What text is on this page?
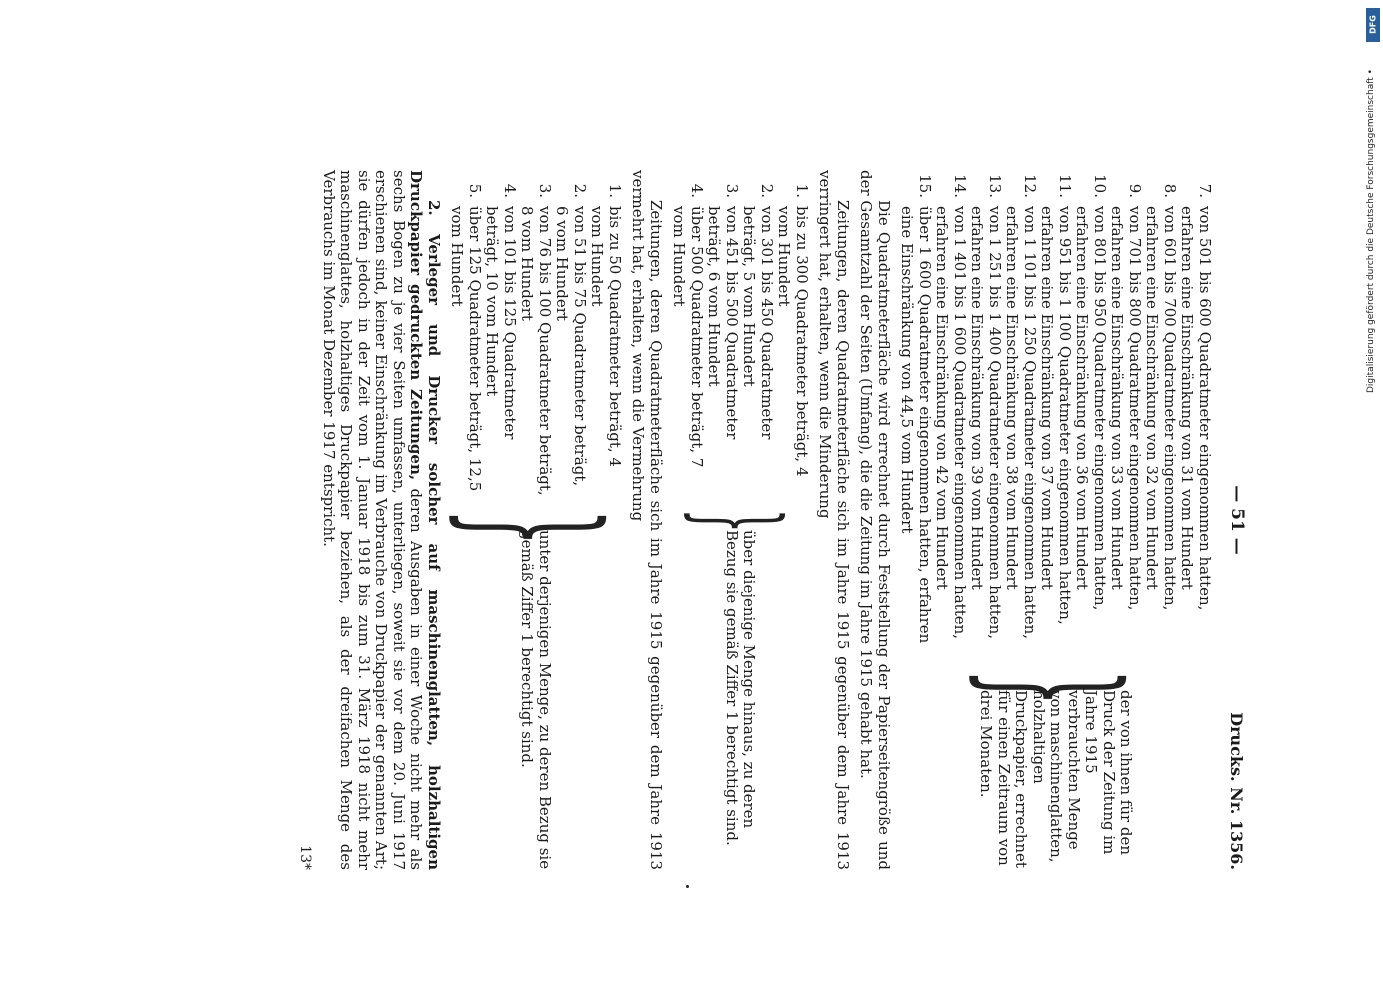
— 51 —
Drucks. Nr. 1356.
7.
von 501 bis 600 Quadratmeter eingenommen hatten, erfahren eine Einschränkung von 31 vom Hundert
8.
von 601 bis 700 Quadratmeter eingenommen hatten, erfahren eine Einschränkung von 32 vom Hundert
9.
von 701 bis 800 Quadratmeter eingenommen hatten, erfahren eine Einschränkung von 33 vom Hundert
10.
von 801 bis 950 Quadratmeter eingenommen hatten, erfahren eine Einschränkung von 36 vom Hundert
11.
von 951 bis 1 100 Quadratmeter eingenommen hatten, erfahren eine Einschränkung von 37 vom Hundert
12.
von 1 101 bis 1 250 Quadratmeter eingenommen hatten, erfahren eine Einschränkung von 38 vom Hundert
13.
von 1 251 bis 1 400 Quadratmeter eingenommen hatten, erfahren eine Einschränkung von 39 vom Hundert
14.
von 1 401 bis 1 600 Quadratmeter eingenommen hatten, erfahren eine Einschränkung von 42 vom Hundert
15.
über 1 600 Quadratmeter eingenommen hatten, erfahren eine Einschränkung von 44,5 vom Hundert
}
der von ihnen für den Druck der Zeitung im Jahre 1915 verbrauchten Menge von maschinenglatten, holzhaltigen Druckpapier, errechnet für einen Zeitraum von drei Monaten.

Die Quadratmeterfläche wird errechnet durch Feststellung der Papierseitengröße und der Gesamtzahl der Seiten (Umfang), die die Zeitung im Jahre 1915 gehabt hat.

Zeitungen, deren Quadratmeterfläche sich im Jahre 1915 gegenüber dem Jahre 1913 verringert hat, erhalten, wenn die Minderung

1.
bis zu 300 Quadratmeter beträgt, 4 vom Hundert
2.
von 301 bis 450 Quadratmeter beträgt, 5 vom Hundert
3.
von 451 bis 500 Quadratmeter beträgt, 6 vom Hundert
4.
über 500 Quadratmeter beträgt, 7 vom Hundert
}
über diejenige Menge hinaus, zu deren Bezug sie gemäß Ziffer 1 berechtigt sind.

Zeitungen, deren Quadratmeterfläche sich im Jahre 1915 gegenüber dem Jahre 1913 vermehrt hat, erhalten, wenn die Vermehrung

1.
bis zu 50 Quadratmeter beträgt, 4 vom Hundert
2.
von 51 bis 75 Quadratmeter beträgt, 6 vom Hundert
3.
von 76 bis 100 Quadratmeter beträgt, 8 vom Hundert
4.
von 101 bis 125 Quadratmeter beträgt, 10 vom Hundert
5.
über 125 Quadratmeter beträgt, 12,5 vom Hundert
}
unter derjenigen Menge, zu deren Bezug sie gemäß Ziffer 1 berechtigt sind.

2. Verleger und Drucker solcher auf maschinenglatten, holzhaltigen Druckpapier gedruckten Zeitungen, deren Ausgaben in einer Woche nicht mehr als sechs Bogen zu je vier Seiten umfassen, unterliegen, soweit sie vor dem 20. Juni 1917 erschienen sind, keiner Einschränkung im Verbrauche von Druckpapier der genannten Art; sie dürfen jedoch in der Zeit vom 1. Januar 1918 bis zum 31. März 1918 nicht mehr maschinenglattes, holzhaltiges Druckpapier beziehen, als der dreifachen Menge des Verbrauchs im Monat Dezember 1917 entspricht.

13*
DFG
Digitalisierung gefördert durch die Deutsche Forschungsgemeinschaft •
